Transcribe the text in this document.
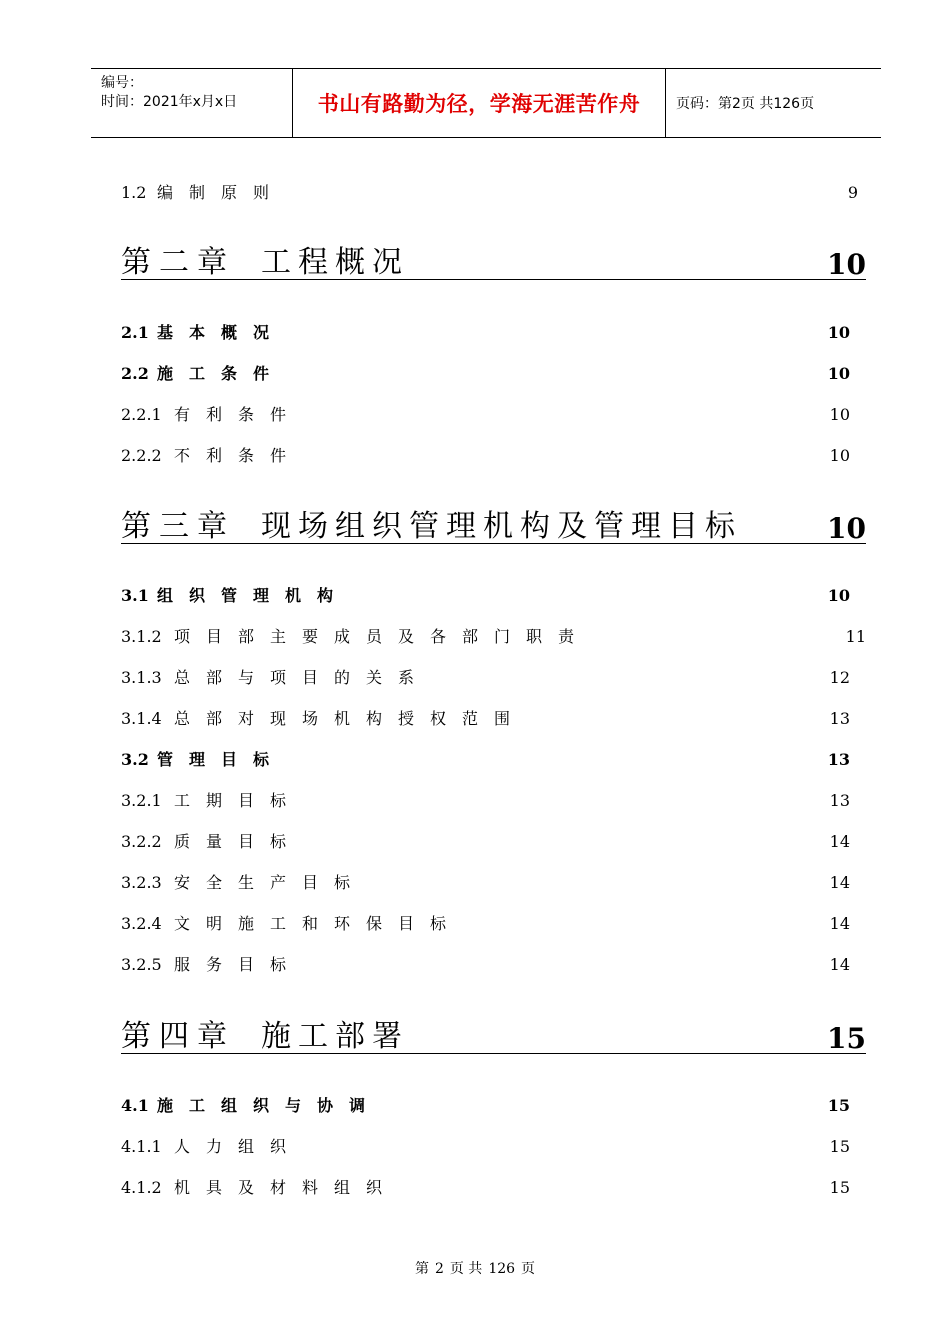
编号：
时间：2021年x月x日	书山有路勤为径，学海无涯苦作舟	页码：第2页 共126页
1.2 编制原则	9
第二章 工程概况	10
2.1 基本概况	10
2.2 施工条件	10
2.2.1 有利条件	10
2.2.2 不利条件	10
第三章 现场组织管理机构及管理目标	10
3.1 组织管理机构	10
3.1.2 项目部主要成员及各部门职责	11
3.1.3 总部与项目的关系	12
3.1.4 总部对现场机构授权范围	13
3.2 管理目标	13
3.2.1 工期目标	13
3.2.2 质量目标	14
3.2.3 安全生产目标	14
3.2.4 文明施工和环保目标	14
3.2.5 服务目标	14
第四章 施工部署	15
4.1 施工组织与协调	15
4.1.1 人力组织	15
4.1.2 机具及材料组织	15
第 2 页 共 126 页
